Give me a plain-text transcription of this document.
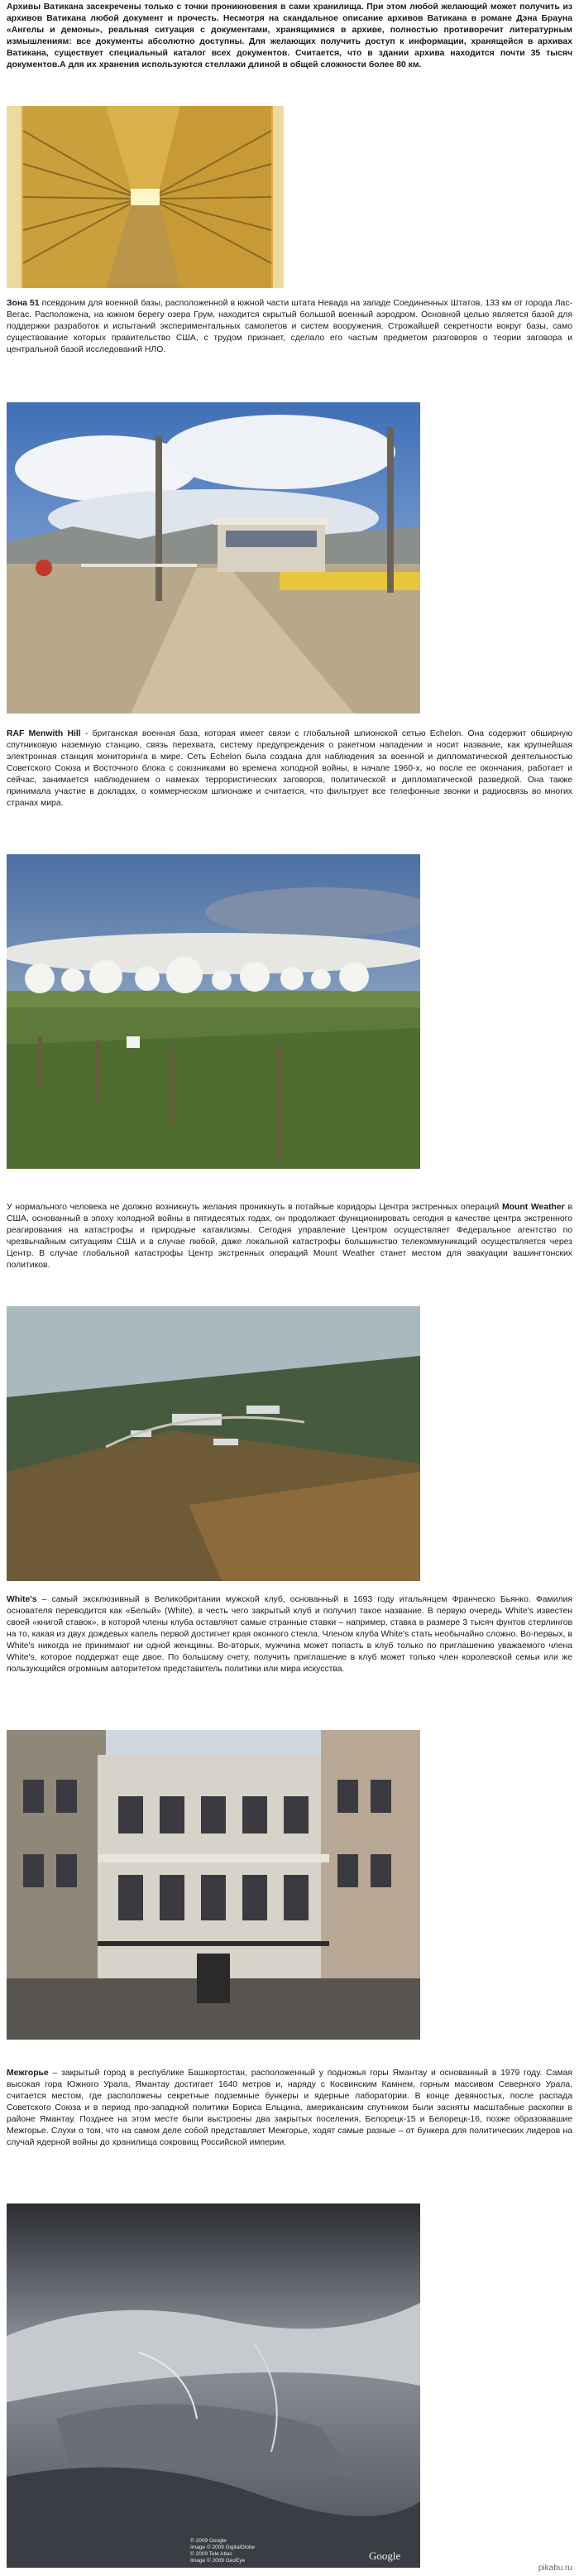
Архивы Ватикана засекречены только с точки проникновения в сами хранилища. При этом любой желающий может получить из архивов Ватикана любой документ и прочесть. Несмотря на скандальное описание архивов Ватикана в романе Дэна Брауна «Ангелы и демоны», реальная ситуация с документами, хранящимися в архиве, полностью противоречит литературным измышлениям: все документы абсолютно доступны. Для желающих получить доступ к информации, хранящейся в архивах Ватикана, существует специальный каталог всех документов. Считается, что в здании архива находится почти 35 тысяч документов.А для их хранения используются стеллажи длиной в общей сложности более 80 км.
Зона 51 псевдоним для военной базы, расположенной в южной части штата Невада на западе Соединенных Штатов, 133 км от города Лас-Вегас. Расположена, на южном берегу озера Грум, находится скрытый большой военный аэродром. Основной целью является базой для поддержки разработок и испытаний экспериментальных самолетов и систем вооружения. Строжайшей секретности вокруг базы, само существование которых правительство США, с трудом признает, сделало его частым предметом разговоров о теории заговора и центральной базой исследований НЛО.
RAF Menwith Hill - британская военная база, которая имеет связи с глобальной шпионской сетью Echelon. Она содержит обширную спутниковую наземную станцию, связь перехвата, систему предупреждения о ракетном нападении и носит название, как крупнейшая электронная станция мониторинга в мире. Сеть Echelon была создана для наблюдения за военной и дипломатической деятельностью Советского Союза и Восточного блока с союзниками во времена холодной войны, в начале 1960-х, но после ее окончания, работает и сейчас, занимается наблюдением о намеках террористических заговоров, политической и дипломатической разведкой. Она также принимала участие в докладах, о коммерческом шпионаже и считается, что фильтрует все телефонные звонки и радиосвязь во многих странах мира.
У нормального человека не должно возникнуть желания проникнуть в потайные коридоры Центра экстренных операций Mount Weather в США, основанный в эпоху холодной войны в пятидесятых годах, он продолжает функционировать сегодня в качестве центра экстренного реагирования на катастрофы и природные катаклизмы. Сегодня управление Центром осуществляет Федеральное агентство по чрезвычайным ситуациям США и в случае любой, даже локальной катастрофы большинство телекоммуникаций осуществляется через Центр. В случае глобальной катастрофы Центр экстренных операций Mount Weather станет местом для эвакуации вашингтонских политиков.
White's – самый эксклюзивный в Великобритании мужской клуб, основанный в 1693 году итальянцем Франческо Бьянко. Фамилия основателя переводится как «Белый» (White), в честь чего закрытый клуб и получил такое название. В первую очередь White's известен своей «книгой ставок», в которой члены клуба оставляют самые странные ставки – например, ставка в размере 3 тысяч фунтов стерлингов на то, какая из двух дождевых капель первой достигнет края оконного стекла. Членом клуба White's стать необычайно сложно. Во-первых, в White's никогда не принимают ни одной женщины. Во-вторых, мужчина может попасть в клуб только по приглашению уважаемого члена White's, которое поддержат еще двое. По большому счету, получить приглашение в клуб может только член королевской семьи или же пользующийся огромным авторитетом представитель политики или мира искусства.
Межгорье – закрытый город в республике Башкортостан, расположенный у подножья горы Ямантау и основанный в 1979 году. Самая высокая гора Южного Урала, Ямантау достигает 1640 метров и, наряду с Косвинским Камнем, горным массивом Северного Урала, считается местом, где расположены секретные подземные бункеры и ядерные лаборатории. В конце девяностых, после распада Советского Союза и в период про-западной политики Бориса Ельцина, американским спутником были засняты масштабные раскопки в районе Ямантау. Позднее на этом месте были выстроены два закрытых поселения, Белорецк-15 и Белорецк-16, позже образовавшие Межгорье. Слухи о том, что на самом деле собой представляет Межгорье, ходят самые разные – от бункера для политических лидеров на случай ядерной войны до хранилища сокровищ Российской империи.
© 2009 Google
Image © 2009 DigitalGlobe
© 2009 Tele Atlas
Image © 2009 GeoEye	Google
pikabu.ru
